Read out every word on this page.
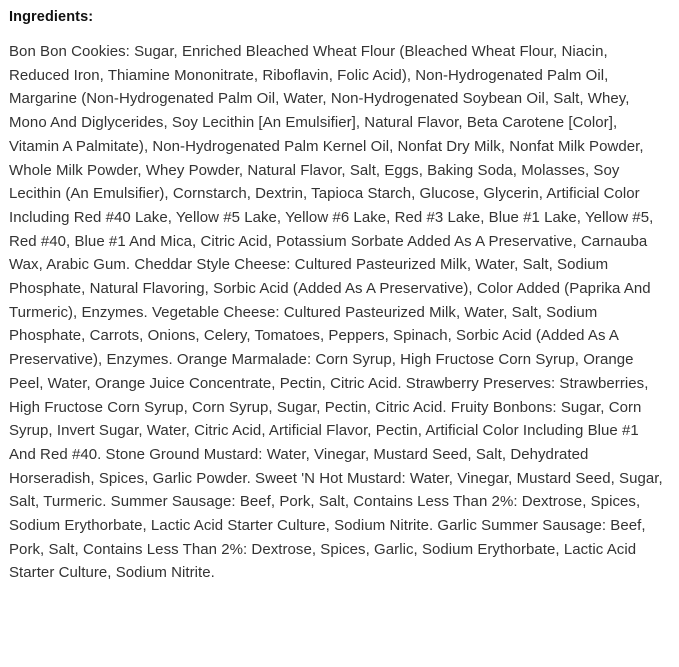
Ingredients:

Bon Bon Cookies: Sugar, Enriched Bleached Wheat Flour (Bleached Wheat Flour, Niacin, Reduced Iron, Thiamine Mononitrate, Riboflavin, Folic Acid), Non-Hydrogenated Palm Oil, Margarine (Non-Hydrogenated Palm Oil, Water, Non-Hydrogenated Soybean Oil, Salt, Whey, Mono And Diglycerides, Soy Lecithin [An Emulsifier], Natural Flavor, Beta Carotene [Color], Vitamin A Palmitate), Non-Hydrogenated Palm Kernel Oil, Nonfat Dry Milk, Nonfat Milk Powder, Whole Milk Powder, Whey Powder, Natural Flavor, Salt, Eggs, Baking Soda, Molasses, Soy Lecithin (An Emulsifier), Cornstarch, Dextrin, Tapioca Starch, Glucose, Glycerin, Artificial Color Including Red #40 Lake, Yellow #5 Lake, Yellow #6 Lake, Red #3 Lake, Blue #1 Lake, Yellow #5, Red #40, Blue #1 And Mica, Citric Acid, Potassium Sorbate Added As A Preservative, Carnauba Wax, Arabic Gum. Cheddar Style Cheese: Cultured Pasteurized Milk, Water, Salt, Sodium Phosphate, Natural Flavoring, Sorbic Acid (Added As A Preservative), Color Added (Paprika And Turmeric), Enzymes. Vegetable Cheese: Cultured Pasteurized Milk, Water, Salt, Sodium Phosphate, Carrots, Onions, Celery, Tomatoes, Peppers, Spinach, Sorbic Acid (Added As A Preservative), Enzymes. Orange Marmalade: Corn Syrup, High Fructose Corn Syrup, Orange Peel, Water, Orange Juice Concentrate, Pectin, Citric Acid. Strawberry Preserves: Strawberries, High Fructose Corn Syrup, Corn Syrup, Sugar, Pectin, Citric Acid. Fruity Bonbons: Sugar, Corn Syrup, Invert Sugar, Water, Citric Acid, Artificial Flavor, Pectin, Artificial Color Including Blue #1 And Red #40. Stone Ground Mustard: Water, Vinegar, Mustard Seed, Salt, Dehydrated Horseradish, Spices, Garlic Powder. Sweet 'N Hot Mustard: Water, Vinegar, Mustard Seed, Sugar, Salt, Turmeric. Summer Sausage: Beef, Pork, Salt, Contains Less Than 2%: Dextrose, Spices, Sodium Erythorbate, Lactic Acid Starter Culture, Sodium Nitrite. Garlic Summer Sausage: Beef, Pork, Salt, Contains Less Than 2%: Dextrose, Spices, Garlic, Sodium Erythorbate, Lactic Acid Starter Culture, Sodium Nitrite.
